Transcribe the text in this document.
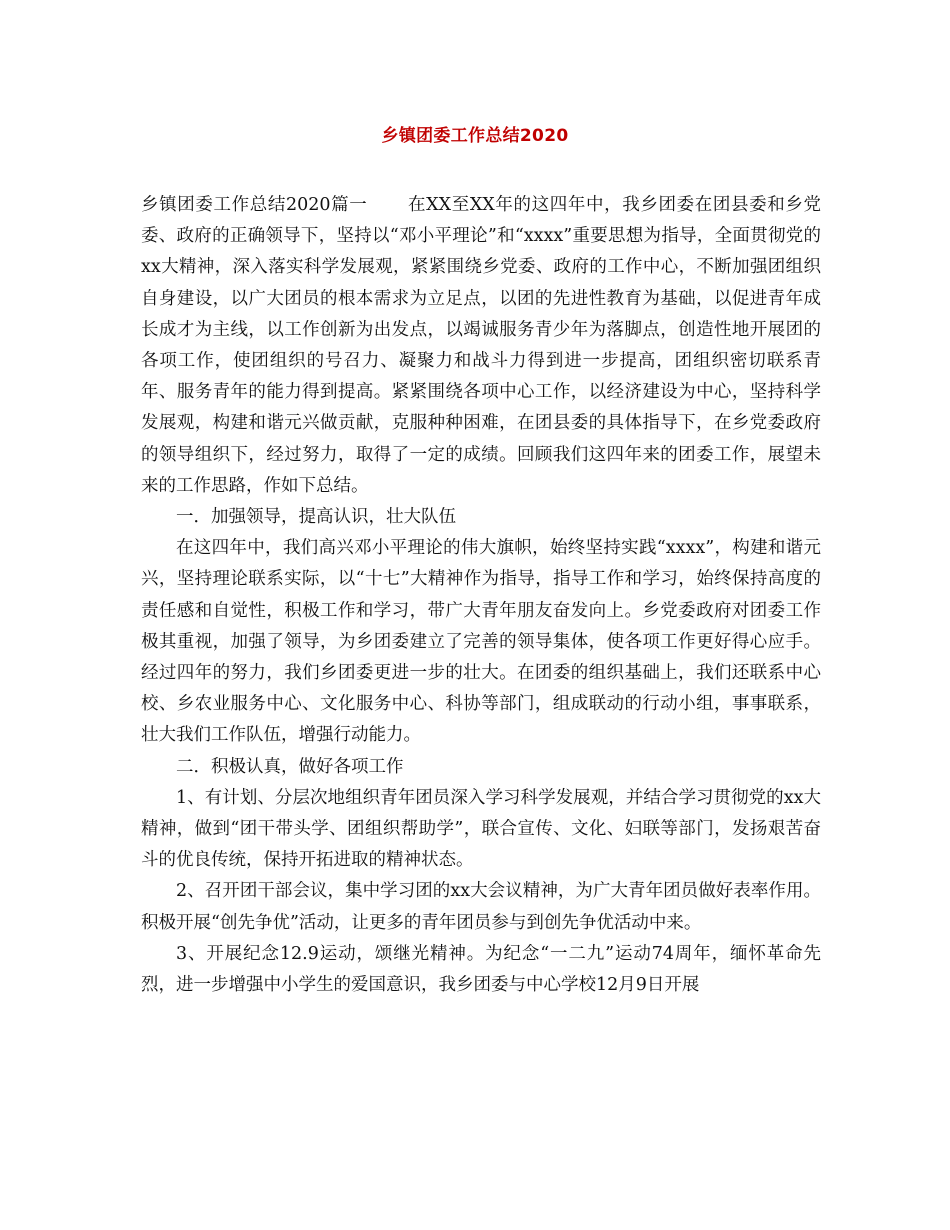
乡镇团委工作总结2020

乡镇团委工作总结2020篇一 在XX至XX年的这四年中，我乡团委在团县委和乡党委、政府的正确领导下，坚持以“邓小平理论”和“xxxx”重要思想为指导，全面贯彻党的xx大精神，深入落实科学发展观，紧紧围绕乡党委、政府的工作中心，不断加强团组织自身建设，以广大团员的根本需求为立足点，以团的先进性教育为基础，以促进青年成长成才为主线，以工作创新为出发点，以竭诚服务青少年为落脚点，创造性地开展团的各项工作，使团组织的号召力、凝聚力和战斗力得到进一步提高，团组织密切联系青年、服务青年的能力得到提高。紧紧围绕各项中心工作，以经济建设为中心，坚持科学发展观，构建和谐元兴做贡献，克服种种困难，在团县委的具体指导下，在乡党委政府的领导组织下，经过努力，取得了一定的成绩。回顾我们这四年来的团委工作，展望未来的工作思路，作如下总结。

一．加强领导，提高认识，壮大队伍

在这四年中，我们高兴邓小平理论的伟大旗帜，始终坚持实践“xxxx”，构建和谐元兴，坚持理论联系实际，以“十七”大精神作为指导，指导工作和学习，始终保持高度的责任感和自觉性，积极工作和学习，带广大青年朋友奋发向上。乡党委政府对团委工作极其重视，加强了领导，为乡团委建立了完善的领导集体，使各项工作更好得心应手。经过四年的努力，我们乡团委更进一步的壮大。在团委的组织基础上，我们还联系中心校、乡农业服务中心、文化服务中心、科协等部门，组成联动的行动小组，事事联系，壮大我们工作队伍，增强行动能力。

二．积极认真，做好各项工作

1、有计划、分层次地组织青年团员深入学习科学发展观，并结合学习贯彻党的xx大精神，做到“团干带头学、团组织帮助学”，联合宣传、文化、妇联等部门，发扬艰苦奋斗的优良传统，保持开拓进取的精神状态。

2、召开团干部会议，集中学习团的xx大会议精神，为广大青年团员做好表率作用。积极开展“创先争优”活动，让更多的青年团员参与到创先争优活动中来。

3、开展纪念12.9运动，颂继光精神。为纪念“一二九”运动74周年，缅怀革命先烈，进一步增强中小学生的爱国意识，我乡团委与中心学校12月9日开展
